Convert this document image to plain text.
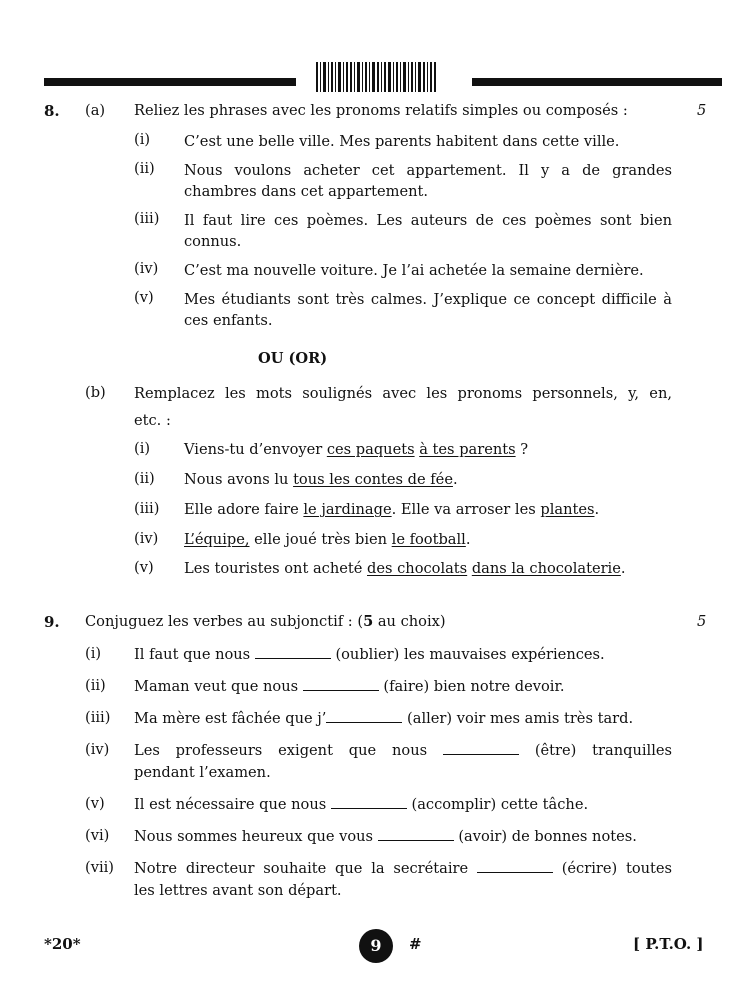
8. (a) Reliez les phrases avec les pronoms relatifs simples ou composés :	5
(i) C’est une belle ville. Mes parents habitent dans cette ville.
(ii) Nous voulons acheter cet appartement. Il y a de grandes
chambres dans cet appartement.
(iii) Il faut lire ces poèmes. Les auteurs de ces poèmes sont bien
connus.
(iv) C’est ma nouvelle voiture. Je l’ai achetée la semaine dernière.
(v) Mes étudiants sont très calmes. J’explique ce concept difficile à
ces enfants.
OU (OR)
(b) Remplacez les mots soulignés avec les pronoms personnels, y, en,
etc. :
(i) Viens-tu d’envoyer ces paquets à tes parents ?
(ii) Nous avons lu tous les contes de fée.
(iii) Elle adore faire le jardinage. Elle va arroser les plantes.
(iv) L’équipe, elle joué très bien le football.
(v) Les touristes ont acheté des chocolats dans la chocolaterie.
9. Conjuguez les verbes au subjonctif : (5 au choix)	5
(i) Il faut que nous	(oublier) les mauvaises expériences.
(ii) Maman veut que nous	(faire) bien notre devoir.
(iii) Ma mère est fâchée que j’	(aller) voir mes amis très tard.
(iv) Les professeurs exigent que nous	(être) tranquilles
pendant l’examen.
(v) Il est nécessaire que nous	(accomplir) cette tâche.
(vi) Nous sommes heureux que vous	(avoir) de bonnes notes.
(vii) Notre directeur souhaite que la secrétaire	(écrire) toutes
les lettres avant son départ.
*20*	9	#	[ P.T.O. ]
